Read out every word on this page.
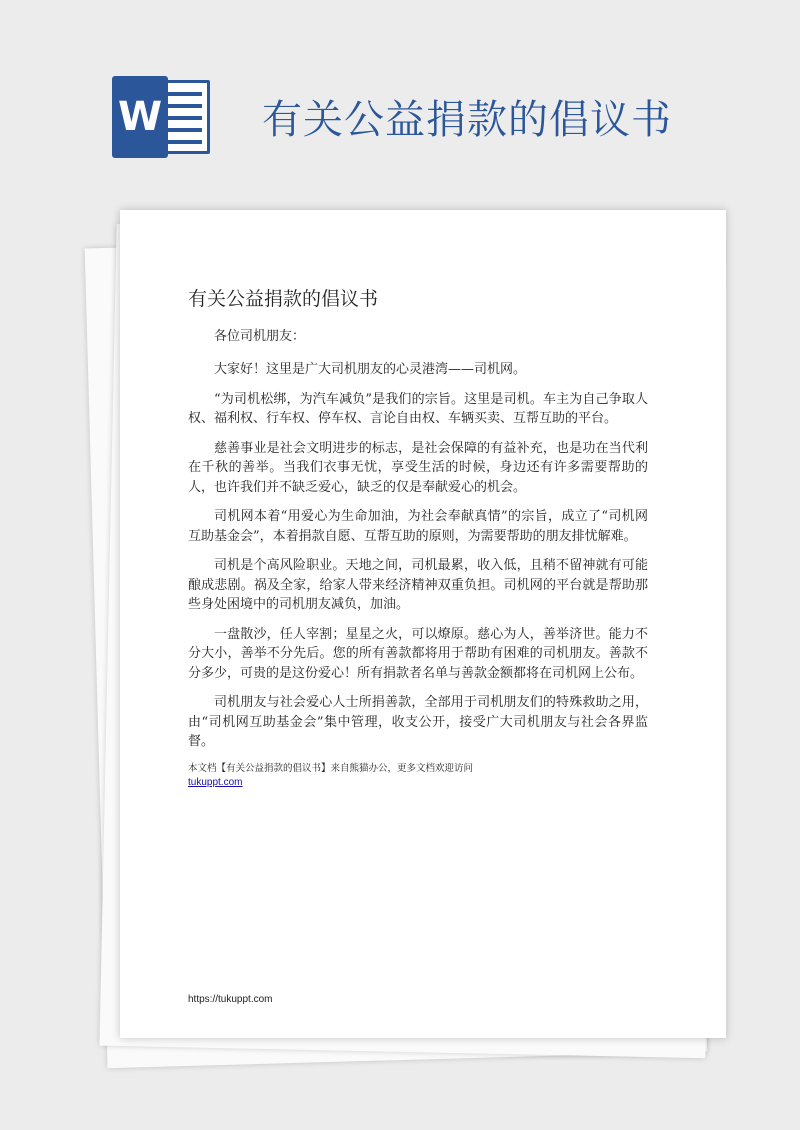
W 有关公益捐款的倡议书
有关公益捐款的倡议书

各位司机朋友：

大家好！这里是广大司机朋友的心灵港湾——司机网。

“为司机松绑，为汽车减负”是我们的宗旨。这里是司机。车主为自己争取人权、福利权、行车权、停车权、言论自由权、车辆买卖、互帮互助的平台。

慈善事业是社会文明进步的标志，是社会保障的有益补充，也是功在当代利在千秋的善举。当我们衣事无忧，享受生活的时候，身边还有许多需要帮助的人，也许我们并不缺乏爱心，缺乏的仅是奉献爱心的机会。

司机网本着“用爱心为生命加油，为社会奉献真情”的宗旨，成立了“司机网互助基金会”，本着捐款自愿、互帮互助的原则，为需要帮助的朋友排忧解难。

司机是个高风险职业。天地之间，司机最累，收入低，且稍不留神就有可能酿成悲剧。祸及全家，给家人带来经济精神双重负担。司机网的平台就是帮助那些身处困境中的司机朋友减负，加油。

一盘散沙，任人宰割；星星之火，可以燎原。慈心为人，善举济世。能力不分大小，善举不分先后。您的所有善款都将用于帮助有困难的司机朋友。善款不分多少，可贵的是这份爱心！所有捐款者名单与善款金额都将在司机网上公布。

司机朋友与社会爱心人士所捐善款，全部用于司机朋友们的特殊救助之用，由“司机网互助基金会”集中管理，收支公开，接受广大司机朋友与社会各界监督。

本文档【有关公益捐款的倡议书】来自熊猫办公，更多文档欢迎访问
tukuppt.com
https://tukuppt.com
